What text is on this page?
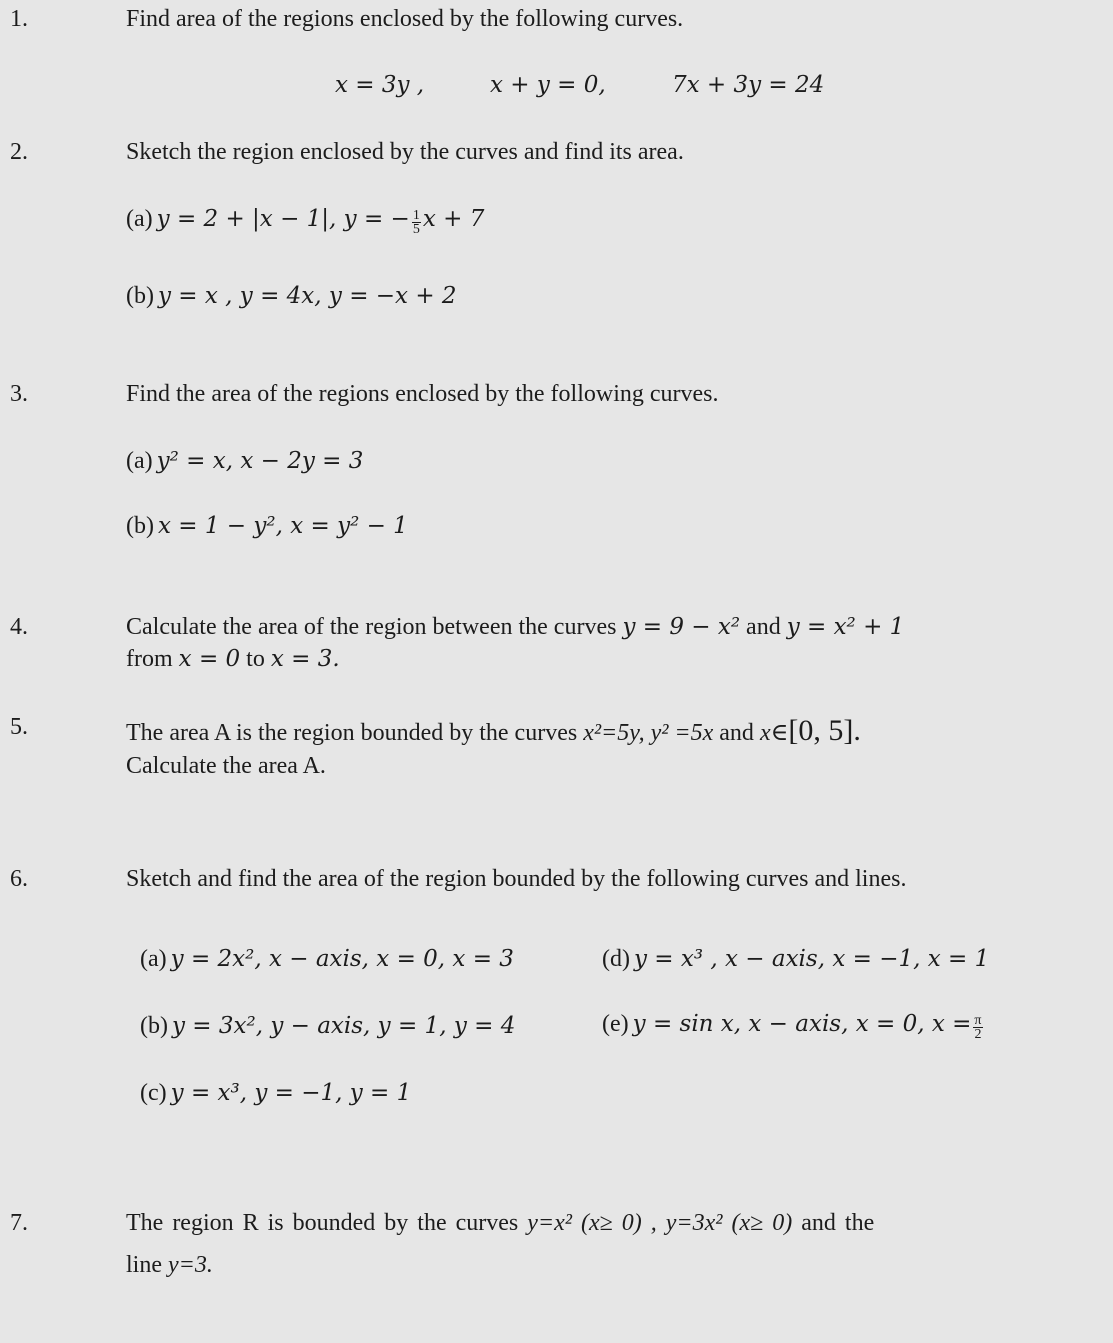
1.	Find area of the regions enclosed by the following curves.
x = 3y ,	x + y = 0,	7x + 3y = 24
2.	Sketch the region enclosed by the curves and find its area.
(a) y = 2 + |x − 1|, y = − $\frac{1}{5}$ x + 7
(b) y = x , y = 4x, y = −x + 2
3.	Find the area of the regions enclosed by the following curves.
(a) y² = x, x − 2y = 3
(b) x = 1 − y², x = y² − 1
4.	Calculate the area of the region between the curves y = 9 − x² and y = x² + 1
from x = 0 to x = 3.
5.	The area A is the region bounded by the curves x²=5y, y² =5x and x∈[0, 5].
Calculate the area A.
6.	Sketch and find the area of the region bounded by the following curves and lines.
(a) y = 2x², x − axis, x = 0, x = 3	(d) y = x³ , x − axis, x = −1, x = 1
(b) y = 3x², y − axis, y = 1, y = 4	(e) y = sin x, x − axis, x = 0, $x = \frac{\pi}{2}$
(c) y = x³, y = −1, y = 1
7.	The region R is bounded by the curves y=x² (x≥ 0) , y=3x² (x≥ 0) and the
line y=3.
